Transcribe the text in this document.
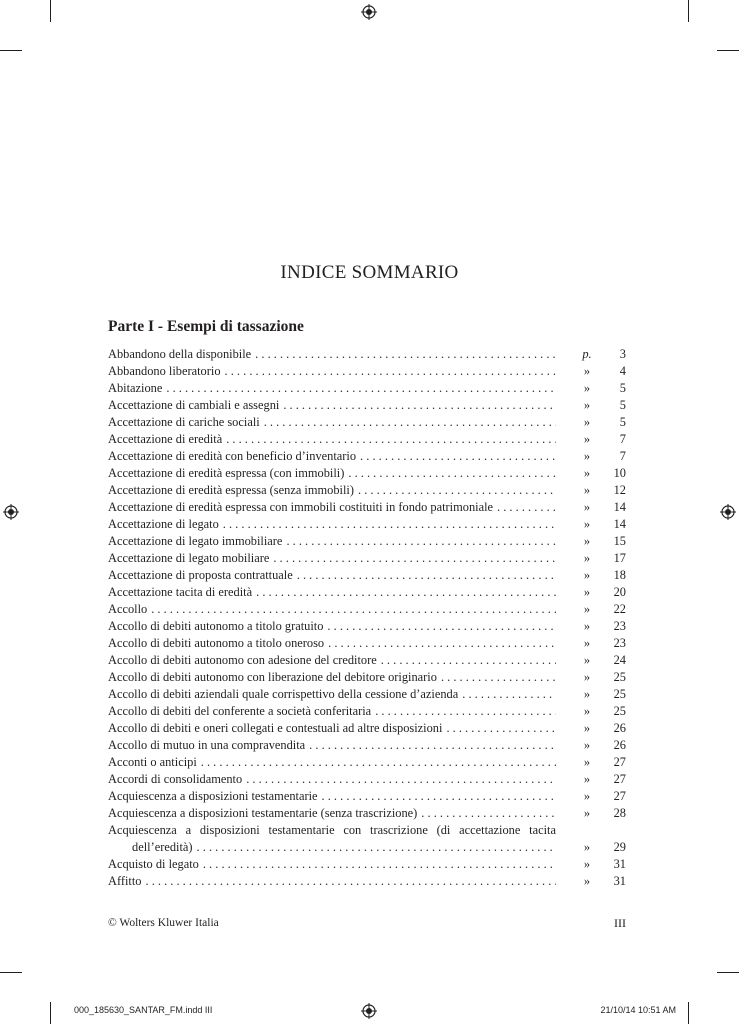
INDICE SOMMARIO
Parte I - Esempi di tassazione
Abbandono della disponibile . . .	p.	3
Abbandono liberatorio . . .	»	4
Abitazione . . .	»	5
Accettazione di cambiali e assegni . . .	»	5
Accettazione di cariche sociali . . .	»	5
Accettazione di eredità . . .	»	7
Accettazione di eredità con beneficio d’inventario . . .	»	7
Accettazione di eredità espressa (con immobili) . . .	»	10
Accettazione di eredità espressa (senza immobili) . . .	»	12
Accettazione di eredità espressa con immobili costituiti in fondo patrimoniale . . .	»	14
Accettazione di legato . . .	»	14
Accettazione di legato immobiliare . . .	»	15
Accettazione di legato mobiliare . . .	»	17
Accettazione di proposta contrattuale . . .	»	18
Accettazione tacita di eredità . . .	»	20
Accollo . . .	»	22
Accollo di debiti autonomo a titolo gratuito . . .	»	23
Accollo di debiti autonomo a titolo oneroso . . .	»	23
Accollo di debiti autonomo con adesione del creditore . . .	»	24
Accollo di debiti autonomo con liberazione del debitore originario . . .	»	25
Accollo di debiti aziendali quale corrispettivo della cessione d’azienda . . .	»	25
Accollo di debiti del conferente a società conferitaria . . .	»	25
Accollo di debiti e oneri collegati e contestuali ad altre disposizioni . . .	»	26
Accollo di mutuo in una compravendita . . .	»	26
Acconti o anticipi . . .	»	27
Accordi di consolidamento . . .	»	27
Acquiescenza a disposizioni testamentarie . . .	»	27
Acquiescenza a disposizioni testamentarie (senza trascrizione) . . .	»	28
Acquiescenza a disposizioni testamentarie con trascrizione (di accettazione tacita
dell’eredità) . . .	»	29
Acquisto di legato . . .	»	31
Affitto . . .	»	31
© Wolters Kluwer Italia	III
000_185630_SANTAR_FM.indd III	21/10/14 10:51 AM
